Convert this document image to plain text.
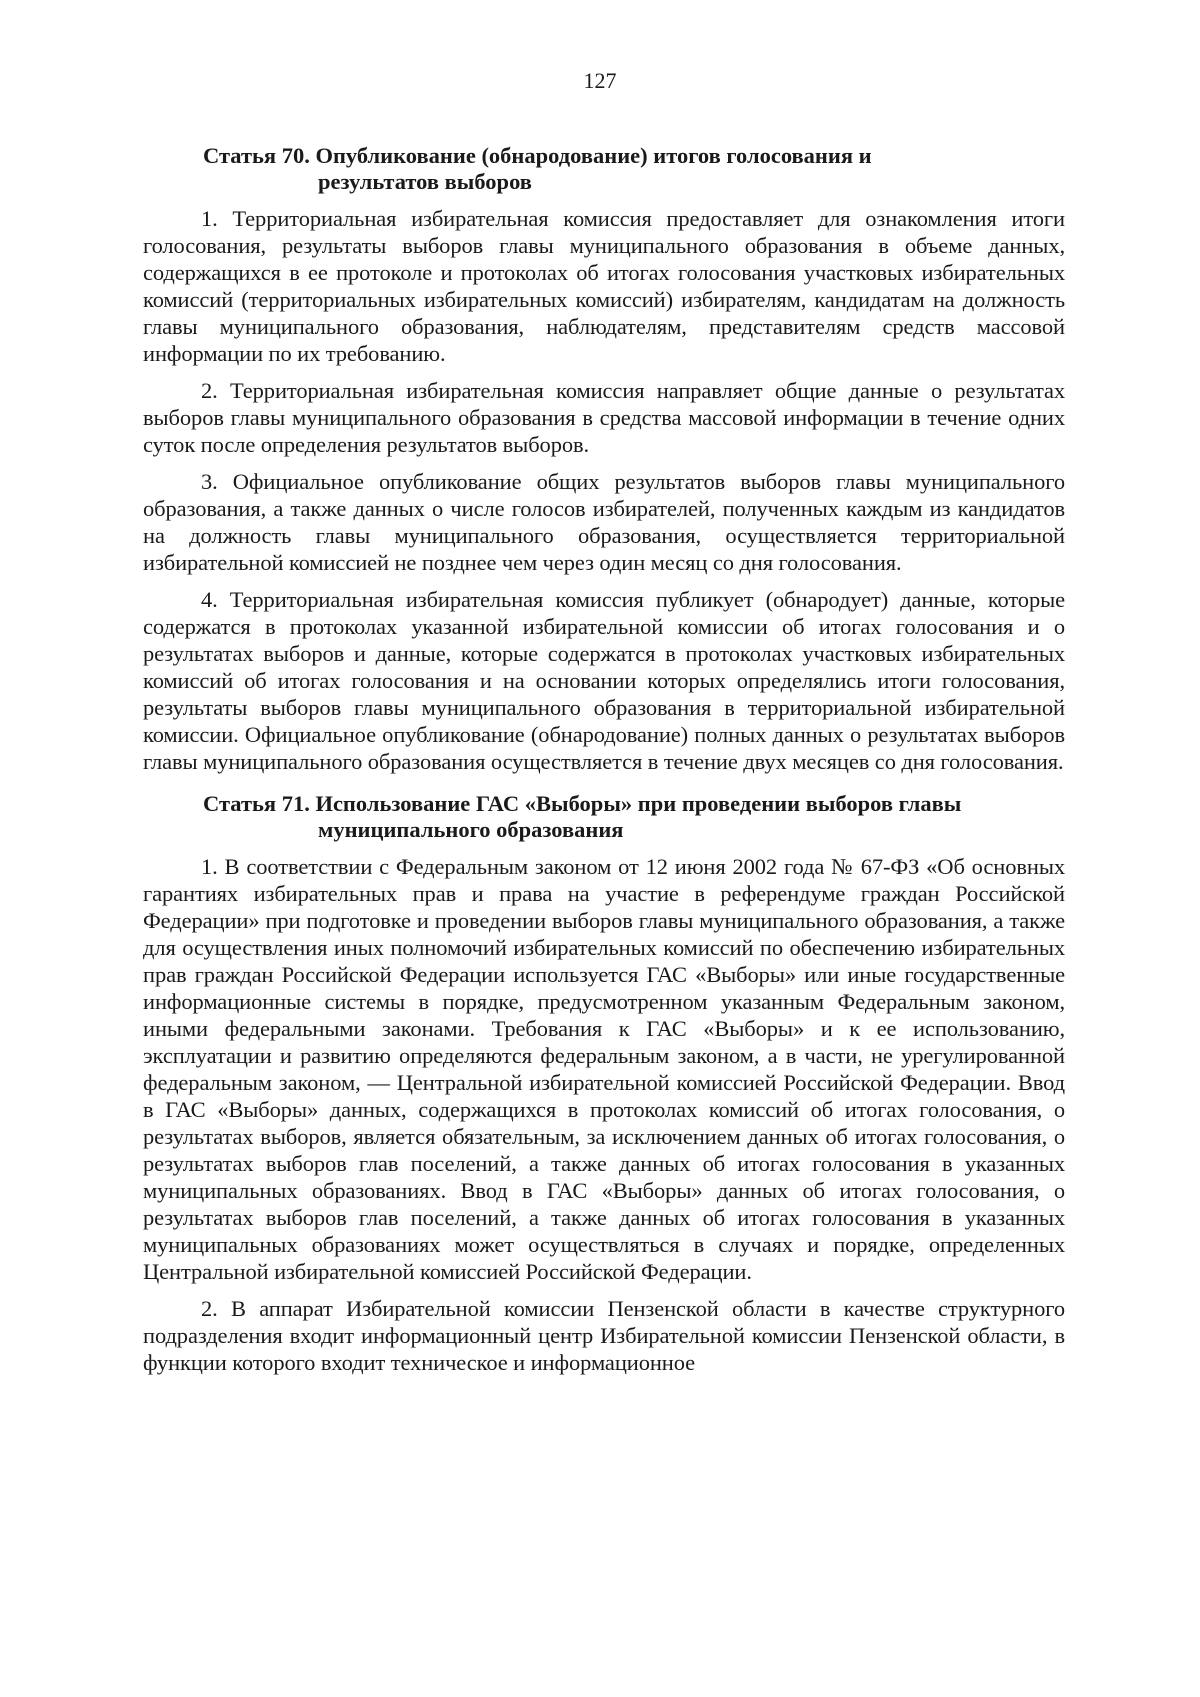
127
Статья 70. Опубликование (обнародование) итогов голосования и
результатов выборов

1. Территориальная избирательная комиссия предоставляет для ознакомления итоги голосования, результаты выборов главы муниципального образования в объеме данных, содержащихся в ее протоколе и протоколах об итогах голосования участковых избирательных комиссий (территориальных избирательных комиссий) избирателям, кандидатам на должность главы муниципального образования, наблюдателям, представителям средств массовой информации по их требованию.

2. Территориальная избирательная комиссия направляет общие данные о результатах выборов главы муниципального образования в средства массовой информации в течение одних суток после определения результатов выборов.

3. Официальное опубликование общих результатов выборов главы муниципального образования, а также данных о числе голосов избирателей, полученных каждым из кандидатов на должность главы муниципального образования, осуществляется территориальной избирательной комиссией не позднее чем через один месяц со дня голосования.

4. Территориальная избирательная комиссия публикует (обнародует) данные, которые содержатся в протоколах указанной избирательной комиссии об итогах голосования и о результатах выборов и данные, которые содержатся в протоколах участковых избирательных комиссий об итогах голосования и на основании которых определялись итоги голосования, результаты выборов главы муниципального образования в территориальной избирательной комиссии. Официальное опубликование (обнародование) полных данных о результатах выборов главы муниципального образования осуществляется в течение двух месяцев со дня голосования.

Статья 71. Использование ГАС «Выборы» при проведении выборов главы
муниципального образования

1. В соответствии с Федеральным законом от 12 июня 2002 года № 67-ФЗ «Об основных гарантиях избирательных прав и права на участие в референдуме граждан Российской Федерации» при подготовке и проведении выборов главы муниципального образования, а также для осуществления иных полномочий избирательных комиссий по обеспечению избирательных прав граждан Российской Федерации используется ГАС «Выборы» или иные государственные информационные системы в порядке, предусмотренном указанным Федеральным законом, иными федеральными законами. Требования к ГАС «Выборы» и к ее использованию, эксплуатации и развитию определяются федеральным законом, а в части, не урегулированной федеральным законом, — Центральной избирательной комиссией Российской Федерации. Ввод в ГАС «Выборы» данных, содержащихся в протоколах комиссий об итогах голосования, о результатах выборов, является обязательным, за исключением данных об итогах голосования, о результатах выборов глав поселений, а также данных об итогах голосования в указанных муниципальных образованиях. Ввод в ГАС «Выборы» данных об итогах голосования, о результатах выборов глав поселений, а также данных об итогах голосования в указанных муниципальных образованиях может осуществляться в случаях и порядке, определенных Центральной избирательной комиссией Российской Федерации.

2. В аппарат Избирательной комиссии Пензенской области в качестве структурного подразделения входит информационный центр Избирательной комиссии Пензенской области, в функции которого входит техническое и информационное
